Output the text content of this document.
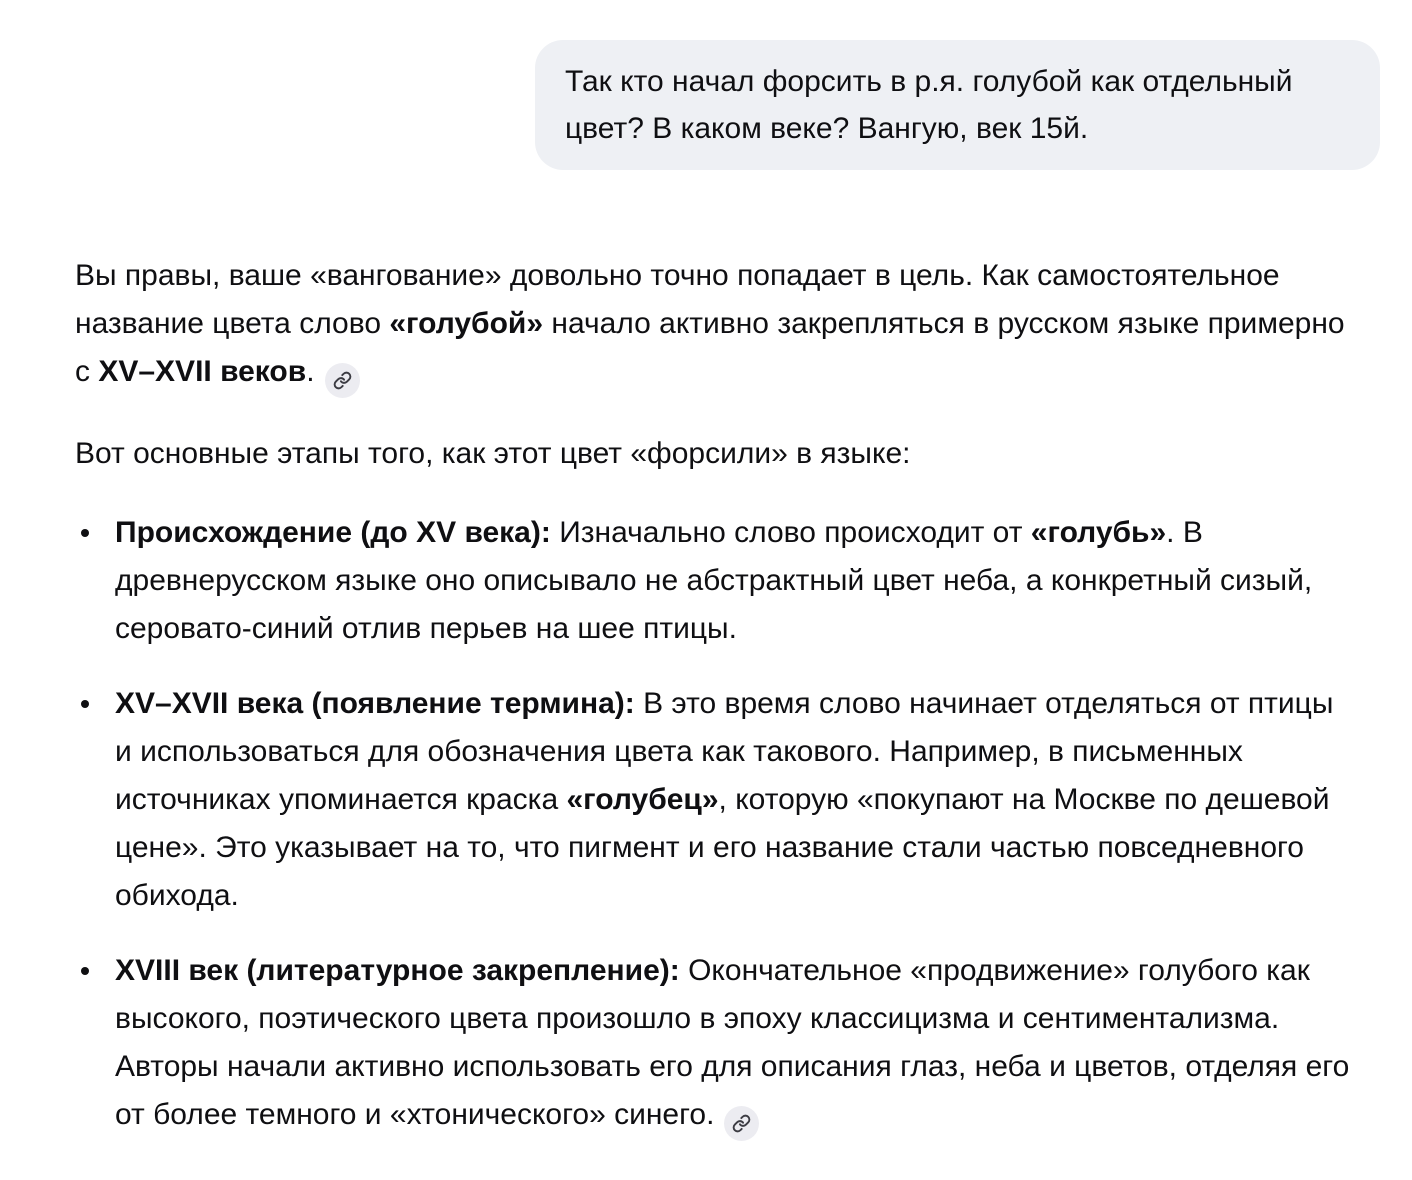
Так кто начал форсить в р.я. голубой как отдельный цвет? В каком веке? Вангую, век 15й.

Вы правы, ваше «вангование» довольно точно попадает в цель. Как самостоятельное название цвета слово «голубой» начало активно закрепляться в русском языке примерно с XV–XVII веков.

Вот основные этапы того, как этот цвет «форсили» в языке:

Происхождение (до XV века): Изначально слово происходит от «голубь». В древнерусском языке оно описывало не абстрактный цвет неба, а конкретный сизый, серовато-синий отлив перьев на шее птицы.
XV–XVII века (появление термина): В это время слово начинает отделяться от птицы и использоваться для обозначения цвета как такового. Например, в письменных источниках упоминается краска «голубец», которую «покупают на Москве по дешевой цене». Это указывает на то, что пигмент и его название стали частью повседневного обихода.
XVIII век (литературное закрепление): Окончательное «продвижение» голубого как высокого, поэтического цвета произошло в эпоху классицизма и сентиментализма. Авторы начали активно использовать его для описания глаз, неба и цветов, отделяя его от более темного и «хтонического» синего.
